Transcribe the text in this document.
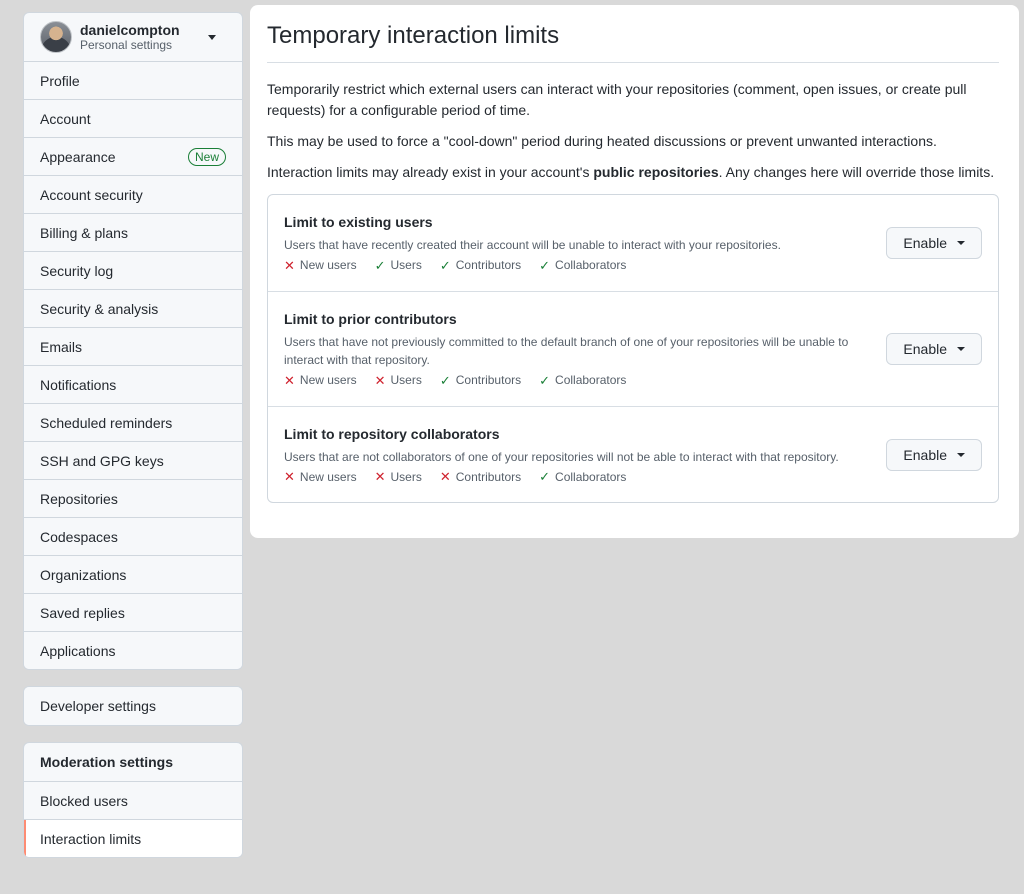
danielcompton
Personal settings
Profile
Account
Appearance	New
Account security
Billing & plans
Security log
Security & analysis
Emails
Notifications
Scheduled reminders
SSH and GPG keys
Repositories
Codespaces
Organizations
Saved replies
Applications
Developer settings
Moderation settings
Blocked users
Interaction limits
Temporary interaction limits

Temporarily restrict which external users can interact with your repositories (comment, open issues, or create pull requests) for a configurable period of time.

This may be used to force a "cool-down" period during heated discussions or prevent unwanted interactions.

Interaction limits may already exist in your account's public repositories. Any changes here will override those limits.

Limit to existing users
Users that have recently created their account will be unable to interact with your repositories.
✕ New users ✓ Users ✓ Contributors ✓ Collaborators
Enable
Limit to prior contributors
Users that have not previously committed to the default branch of one of your repositories will be unable to interact with that repository.
✕ New users ✕ Users ✓ Contributors ✓ Collaborators
Enable
Limit to repository collaborators
Users that are not collaborators of one of your repositories will not be able to interact with that repository.
✕ New users ✕ Users ✕ Contributors ✓ Collaborators
Enable
